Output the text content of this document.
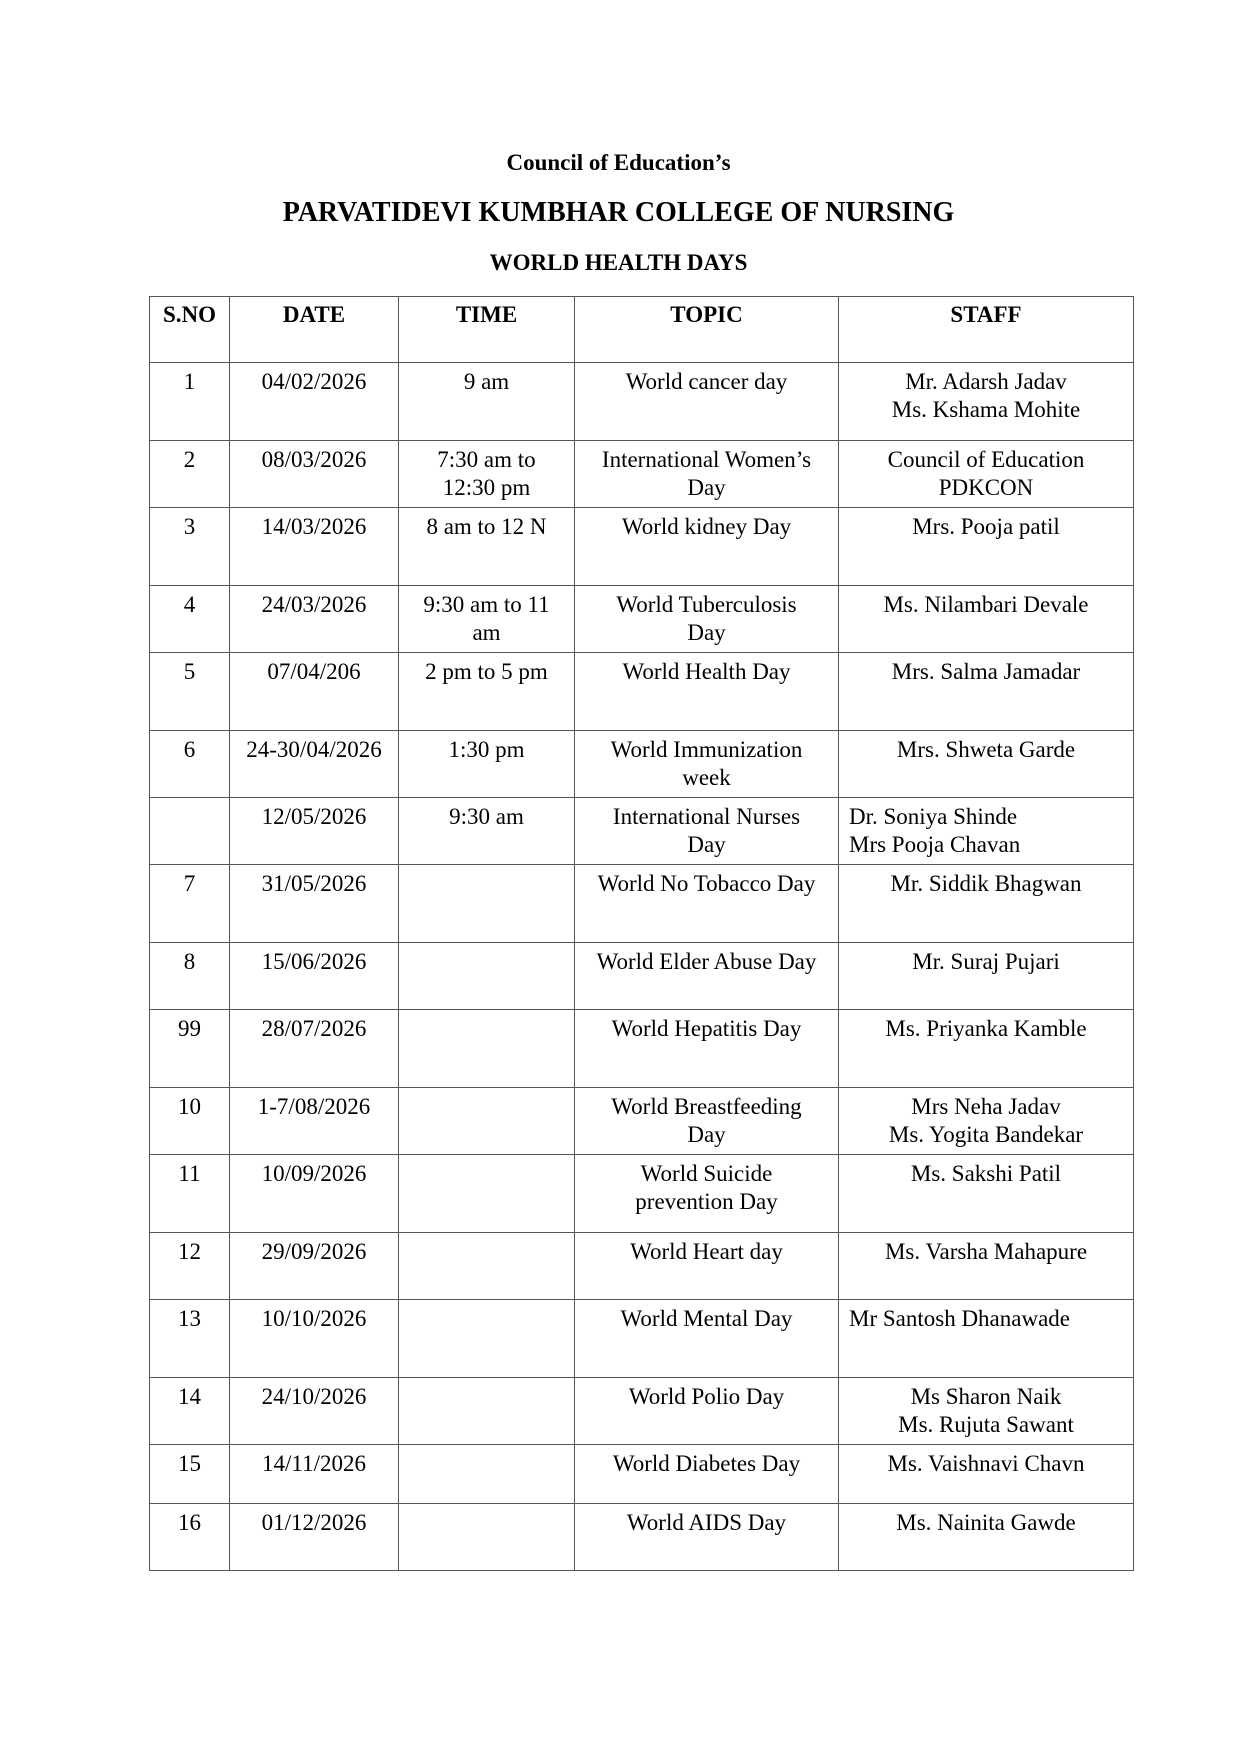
Council of Education’s
PARVATIDEVI KUMBHAR COLLEGE OF NURSING
WORLD HEALTH DAYS
S.NO	DATE	TIME	TOPIC	STAFF
1	04/02/2026	9 am	World cancer day	Mr. Adarsh Jadav
Ms. Kshama Mohite

2	08/03/2026	7:30 am to
12:30 pm	International Women’s
Day	Council of Education
PDKCON

3	14/03/2026	8 am to 12 N	World kidney Day	Mrs. Pooja patil

4	24/03/2026	9:30 am to 11
am	World Tuberculosis
Day	Ms. Nilambari Devale

5	07/04/206	2 pm to 5 pm	World Health Day	Mrs. Salma Jamadar

6	24-30/04/2026	1:30 pm	World Immunization
week	Mrs. Shweta Garde

	12/05/2026	9:30 am	International Nurses
Day	Dr. Soniya Shinde
Mrs Pooja Chavan

7	31/05/2026		World No Tobacco Day	Mr. Siddik Bhagwan

8	15/06/2026		World Elder Abuse Day	Mr. Suraj Pujari

99	28/07/2026		World Hepatitis Day	Ms. Priyanka Kamble

10	1-7/08/2026		World Breastfeeding
Day	Mrs Neha Jadav
Ms. Yogita Bandekar

11	10/09/2026		World Suicide
prevention Day	Ms. Sakshi Patil

12	29/09/2026		World Heart day	Ms. Varsha Mahapure

13	10/10/2026		World Mental Day	Mr Santosh Dhanawade

14	24/10/2026		World Polio Day	Ms Sharon Naik
Ms. Rujuta Sawant

15	14/11/2026		World Diabetes Day	Ms. Vaishnavi Chavn

16	01/12/2026		World AIDS Day	Ms. Nainita Gawde
